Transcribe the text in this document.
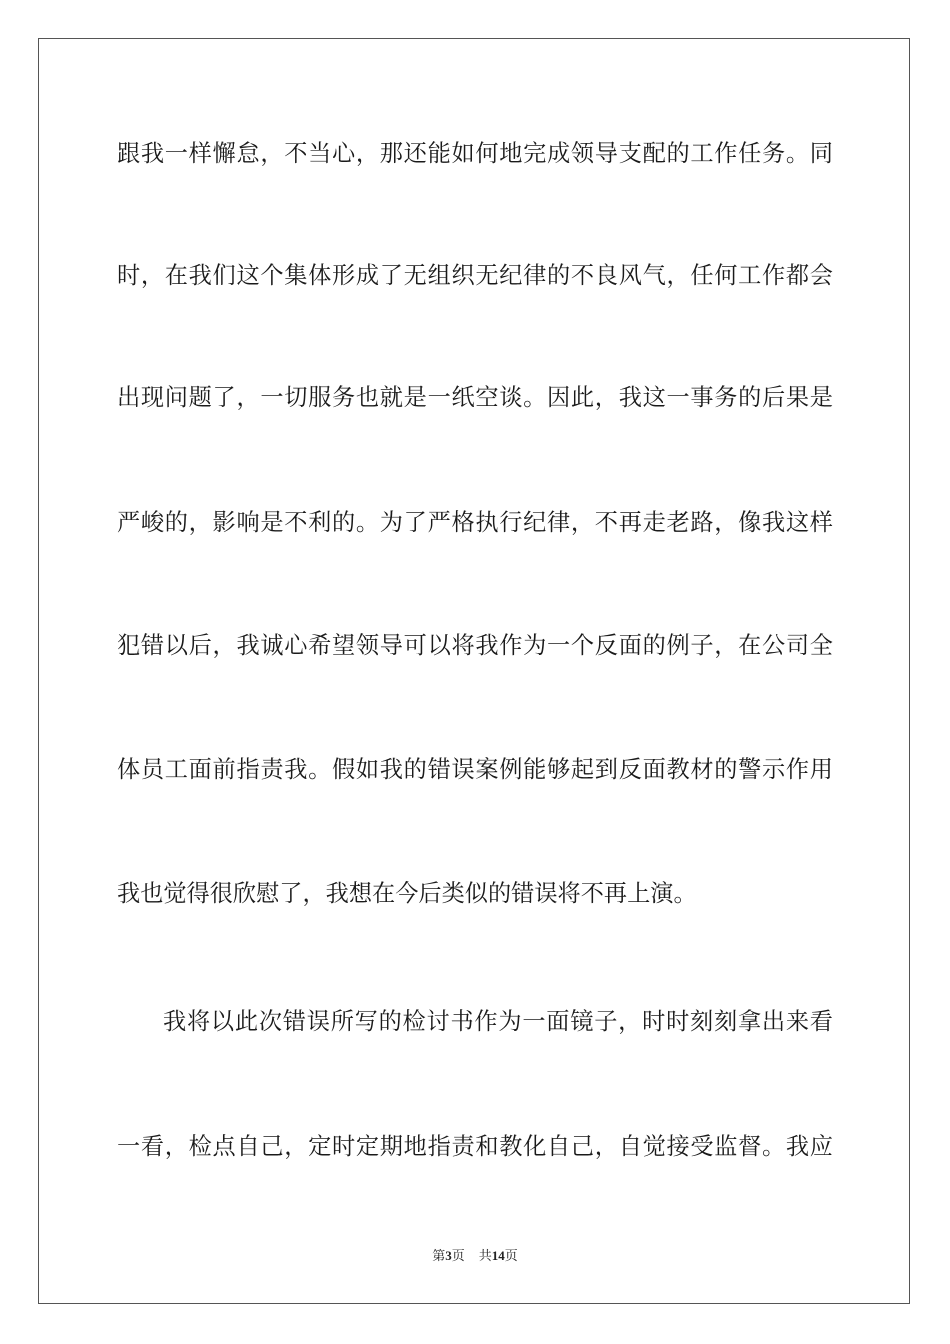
跟我一样懈怠，不当心，那还能如何地完成领导支配的工作任务。同
时，在我们这个集体形成了无组织无纪律的不良风气，任何工作都会
出现问题了，一切服务也就是一纸空谈。因此，我这一事务的后果是
严峻的，影响是不利的。为了严格执行纪律，不再走老路，像我这样
犯错以后，我诚心希望领导可以将我作为一个反面的例子，在公司全
体员工面前指责我。假如我的错误案例能够起到反面教材的警示作用
我也觉得很欣慰了，我想在今后类似的错误将不再上演。
我将以此次错误所写的检讨书作为一面镜子，时时刻刻拿出来看
一看，检点自己，定时定期地指责和教化自己，自觉接受监督。我应
第3页 共14页
